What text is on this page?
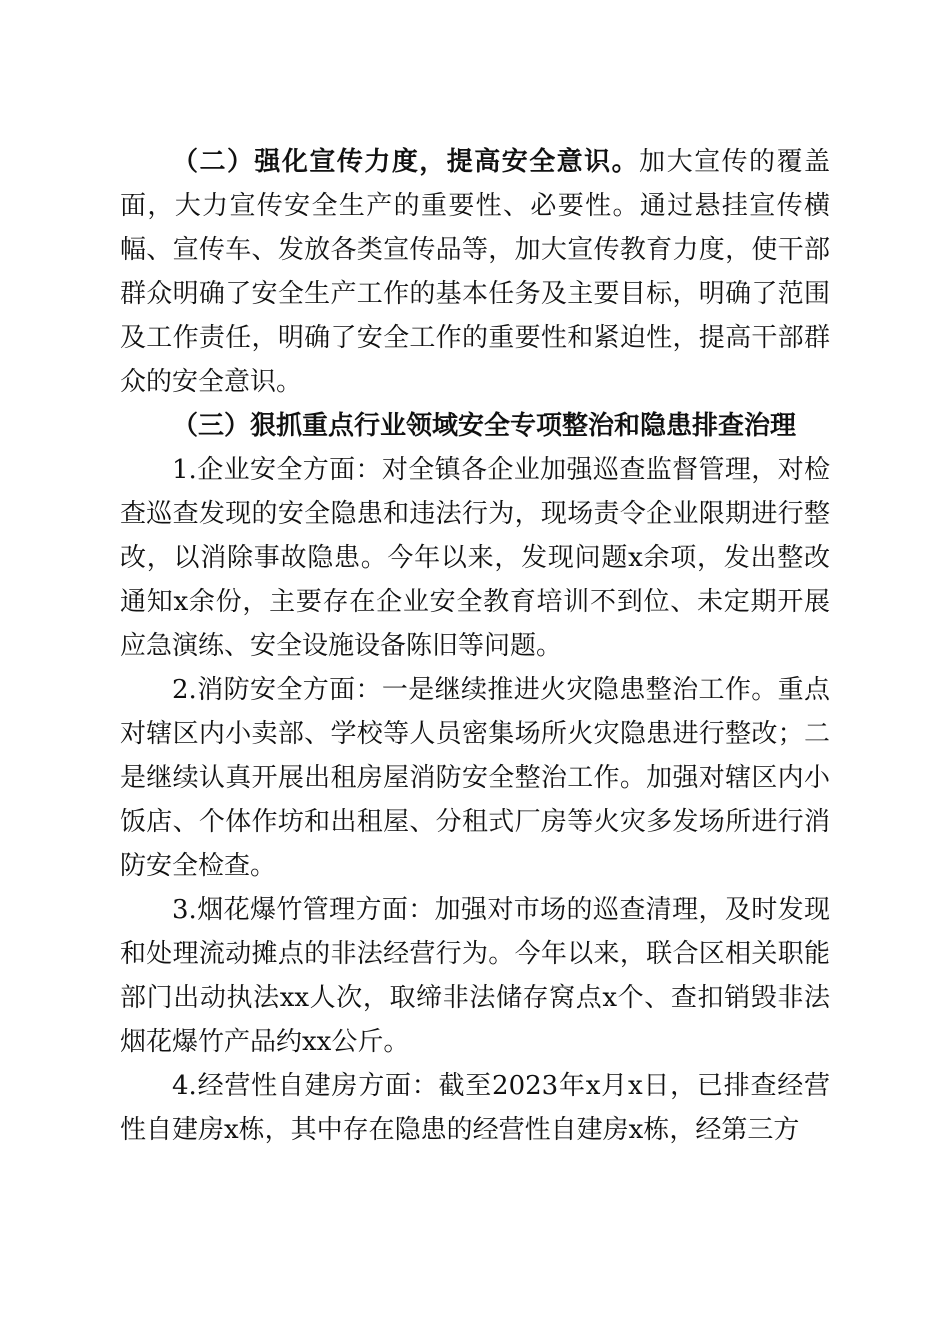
（二）强化宣传力度，提高安全意识。加大宣传的覆盖面，大力宣传安全生产的重要性、必要性。通过悬挂宣传横幅、宣传车、发放各类宣传品等，加大宣传教育力度，使干部群众明确了安全生产工作的基本任务及主要目标，明确了范围及工作责任，明确了安全工作的重要性和紧迫性，提高干部群众的安全意识。

（三）狠抓重点行业领域安全专项整治和隐患排查治理

1.企业安全方面：对全镇各企业加强巡查监督管理，对检查巡查发现的安全隐患和违法行为，现场责令企业限期进行整改，以消除事故隐患。今年以来，发现问题x余项，发出整改通知x余份，主要存在企业安全教育培训不到位、未定期开展应急演练、安全设施设备陈旧等问题。

2.消防安全方面：一是继续推进火灾隐患整治工作。重点对辖区内小卖部、学校等人员密集场所火灾隐患进行整改；二是继续认真开展出租房屋消防安全整治工作。加强对辖区内小饭店、个体作坊和出租屋、分租式厂房等火灾多发场所进行消防安全检查。

3.烟花爆竹管理方面：加强对市场的巡查清理，及时发现和处理流动摊点的非法经营行为。今年以来，联合区相关职能部门出动执法xx人次，取缔非法储存窝点x个、查扣销毁非法烟花爆竹产品约xx公斤。

4.经营性自建房方面：截至2023年x月x日，已排查经营性自建房x栋，其中存在隐患的经营性自建房x栋，经第三方
